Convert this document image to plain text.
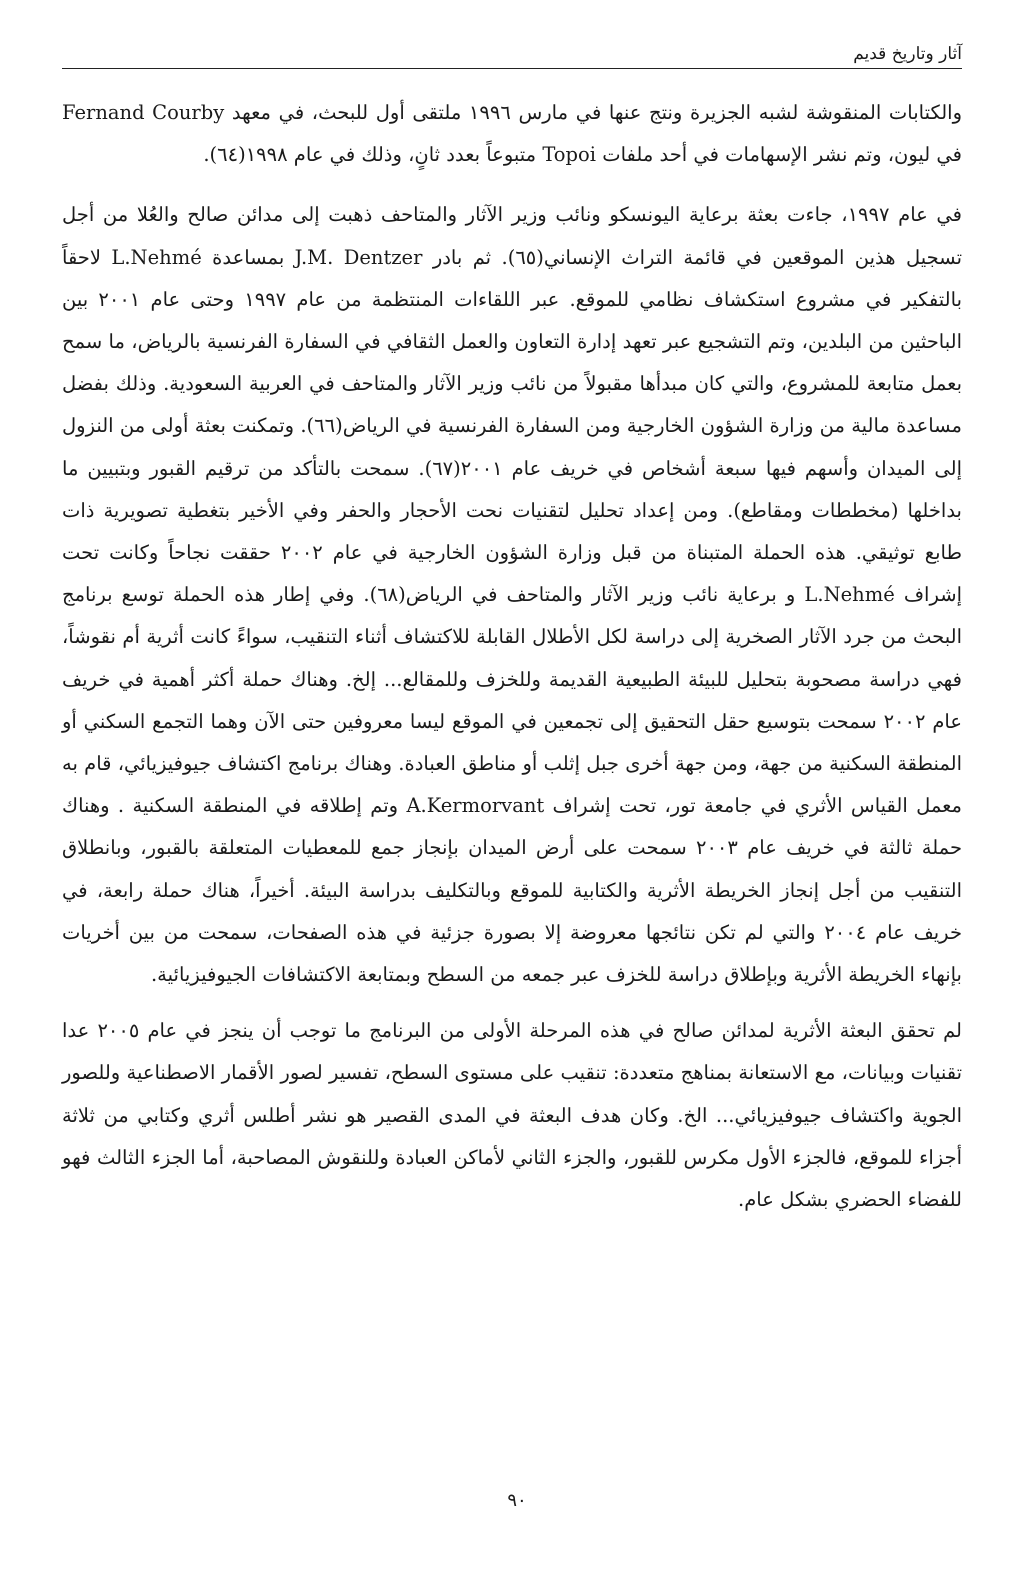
آثار وتاريخ قديم

والكتابات المنقوشة لشبه الجزيرة ونتج عنها في مارس ١٩٩٦ ملتقى أول للبحث، في معهد Fernand Courby في ليون، وتم نشر الإسهامات في أحد ملفات Topoi متبوعاً بعدد ثانٍ، وذلك في عام ١٩٩٨(٦٤).

في عام ١٩٩٧، جاءت بعثة برعاية اليونسكو ونائب وزير الآثار والمتاحف ذهبت إلى مدائن صالح والعُلا من أجل تسجيل هذين الموقعين في قائمة التراث الإنساني(٦٥). ثم بادر J.M. Dentzer بمساعدة L.Nehmé لاحقاً بالتفكير في مشروع استكشاف نظامي للموقع. عبر اللقاءات المنتظمة من عام ١٩٩٧ وحتى عام ٢٠٠١ بين الباحثين من البلدين، وتم التشجيع عبر تعهد إدارة التعاون والعمل الثقافي في السفارة الفرنسية بالرياض، ما سمح بعمل متابعة للمشروع، والتي كان مبدأها مقبولاً من نائب وزير الآثار والمتاحف في العربية السعودية. وذلك بفضل مساعدة مالية من وزارة الشؤون الخارجية ومن السفارة الفرنسية في الرياض(٦٦). وتمكنت بعثة أولى من النزول إلى الميدان وأسهم فيها سبعة أشخاص في خريف عام ٢٠٠١(٦٧). سمحت بالتأكد من ترقيم القبور وبتبيين ما بداخلها (مخططات ومقاطع). ومن إعداد تحليل لتقنيات نحت الأحجار والحفر وفي الأخير بتغطية تصويرية ذات طابع توثيقي. هذه الحملة المتبناة من قبل وزارة الشؤون الخارجية في عام ٢٠٠٢ حققت نجاحاً وكانت تحت إشراف L.Nehmé و برعاية نائب وزير الآثار والمتاحف في الرياض(٦٨). وفي إطار هذه الحملة توسع برنامج البحث من جرد الآثار الصخرية إلى دراسة لكل الأطلال القابلة للاكتشاف أثناء التنقيب، سواءً كانت أثرية أم نقوشاً، فهي دراسة مصحوبة بتحليل للبيئة الطبيعية القديمة وللخزف وللمقالع... إلخ. وهناك حملة أكثر أهمية في خريف عام ٢٠٠٢ سمحت بتوسيع حقل التحقيق إلى تجمعين في الموقع ليسا معروفين حتى الآن وهما التجمع السكني أو المنطقة السكنية من جهة، ومن جهة أخرى جبل إثلب أو مناطق العبادة. وهناك برنامج اكتشاف جيوفيزيائي، قام به معمل القياس الأثري في جامعة تور، تحت إشراف A.Kermorvant وتم إطلاقه في المنطقة السكنية . وهناك حملة ثالثة في خريف عام ٢٠٠٣ سمحت على أرض الميدان بإنجاز جمع للمعطيات المتعلقة بالقبور، وبانطلاق التنقيب من أجل إنجاز الخريطة الأثرية والكتابية للموقع وبالتكليف بدراسة البيئة. أخيراً، هناك حملة رابعة، في خريف عام ٢٠٠٤ والتي لم تكن نتائجها معروضة إلا بصورة جزئية في هذه الصفحات، سمحت من بين أخريات بإنهاء الخريطة الأثرية وبإطلاق دراسة للخزف عبر جمعه من السطح وبمتابعة الاكتشافات الجيوفيزيائية.

لم تحقق البعثة الأثرية لمدائن صالح في هذه المرحلة الأولى من البرنامج ما توجب أن ينجز في عام ٢٠٠٥ عدا تقنيات وبيانات، مع الاستعانة بمناهج متعددة: تنقيب على مستوى السطح، تفسير لصور الأقمار الاصطناعية وللصور الجوية واكتشاف جيوفيزيائي... الخ. وكان هدف البعثة في المدى القصير هو نشر أطلس أثري وكتابي من ثلاثة أجزاء للموقع، فالجزء الأول مكرس للقبور، والجزء الثاني لأماكن العبادة وللنقوش المصاحبة، أما الجزء الثالث فهو للفضاء الحضري بشكل عام.

٩٠
